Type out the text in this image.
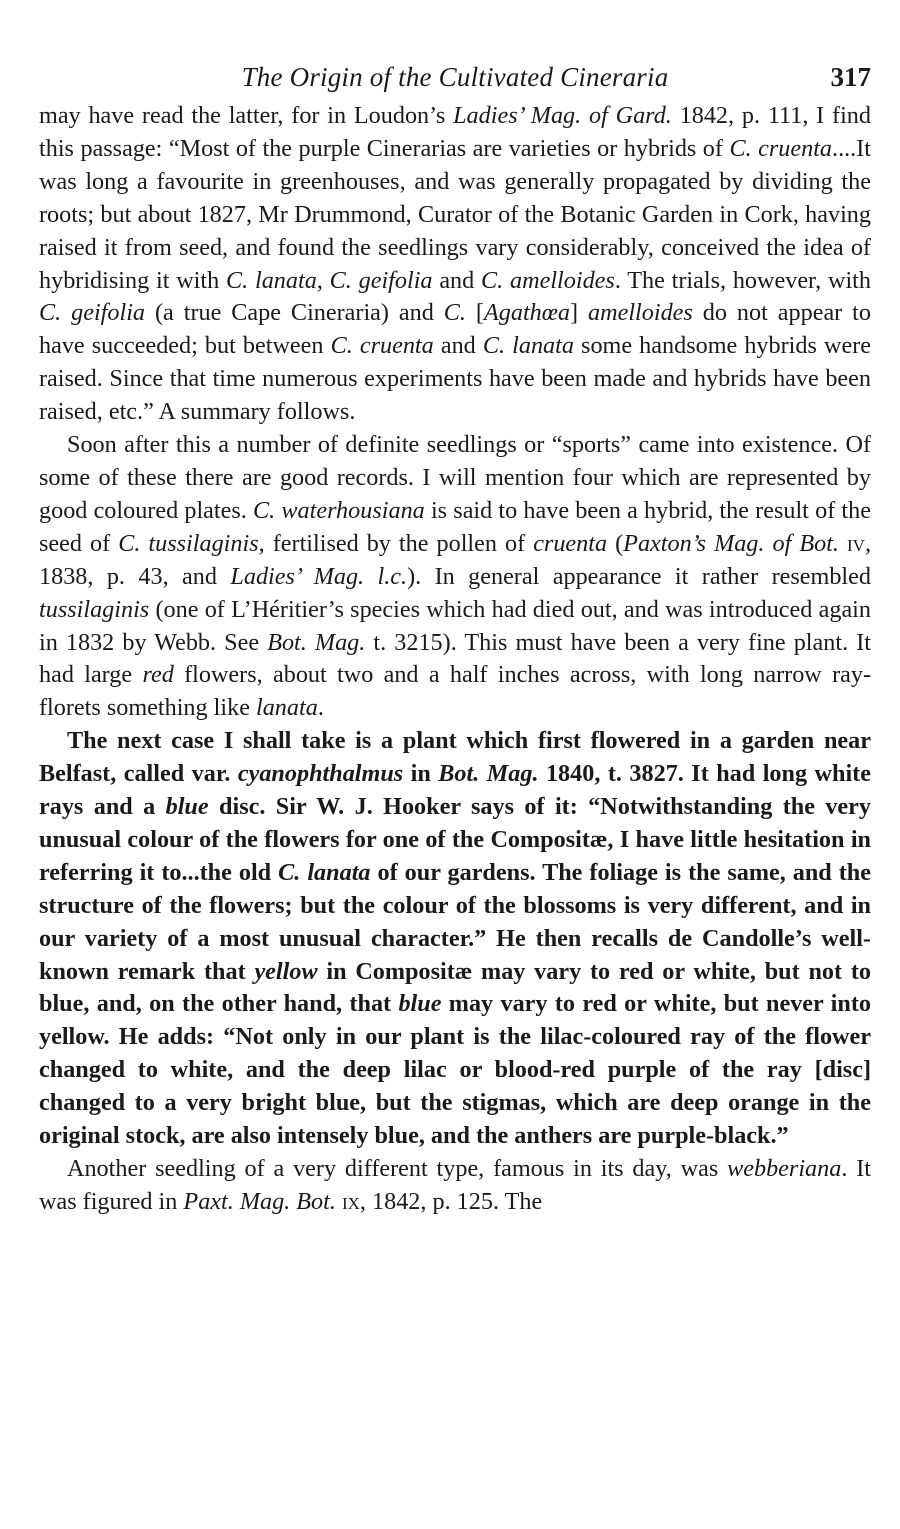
The Origin of the Cultivated Cineraria	317

may have read the latter, for in Loudon’s Ladies’ Mag. of Gard. 1842, p. 111, I find this passage: “Most of the purple Cinerarias are varieties or hybrids of C. cruenta....It was long a favourite in greenhouses, and was generally propagated by dividing the roots; but about 1827, Mr Drummond, Curator of the Botanic Garden in Cork, having raised it from seed, and found the seedlings vary considerably, conceived the idea of hybridising it with C. lanata, C. geifolia and C. amelloides. The trials, however, with C. geifolia (a true Cape Cineraria) and C. [Agathœa] amelloides do not appear to have succeeded; but between C. cruenta and C. lanata some handsome hybrids were raised. Since that time numerous experiments have been made and hybrids have been raised, etc.” A summary follows.

Soon after this a number of definite seedlings or “sports” came into existence. Of some of these there are good records. I will mention four which are represented by good coloured plates. C. waterhousiana is said to have been a hybrid, the result of the seed of C. tussilaginis, fertilised by the pollen of cruenta (Paxton’s Mag. of Bot. iv, 1838, p. 43, and Ladies’ Mag. l.c.). In general appearance it rather resembled tussilaginis (one of L’Héritier’s species which had died out, and was introduced again in 1832 by Webb. See Bot. Mag. t. 3215). This must have been a very fine plant. It had large red flowers, about two and a half inches across, with long narrow ray-florets something like lanata.

The next case I shall take is a plant which first flowered in a garden near Belfast, called var. cyanophthalmus in Bot. Mag. 1840, t. 3827. It had long white rays and a blue disc. Sir W. J. Hooker says of it: “Notwithstanding the very unusual colour of the flowers for one of the Compositæ, I have little hesitation in referring it to...the old C. lanata of our gardens. The foliage is the same, and the structure of the flowers; but the colour of the blossoms is very different, and in our variety of a most unusual character.” He then recalls de Candolle’s well-known remark that yellow in Compositæ may vary to red or white, but not to blue, and, on the other hand, that blue may vary to red or white, but never into yellow. He adds: “Not only in our plant is the lilac-coloured ray of the flower changed to white, and the deep lilac or blood-red purple of the ray [disc] changed to a very bright blue, but the stigmas, which are deep orange in the original stock, are also intensely blue, and the anthers are purple-black.”

Another seedling of a very different type, famous in its day, was webberiana. It was figured in Paxt. Mag. Bot. ix, 1842, p. 125. The
